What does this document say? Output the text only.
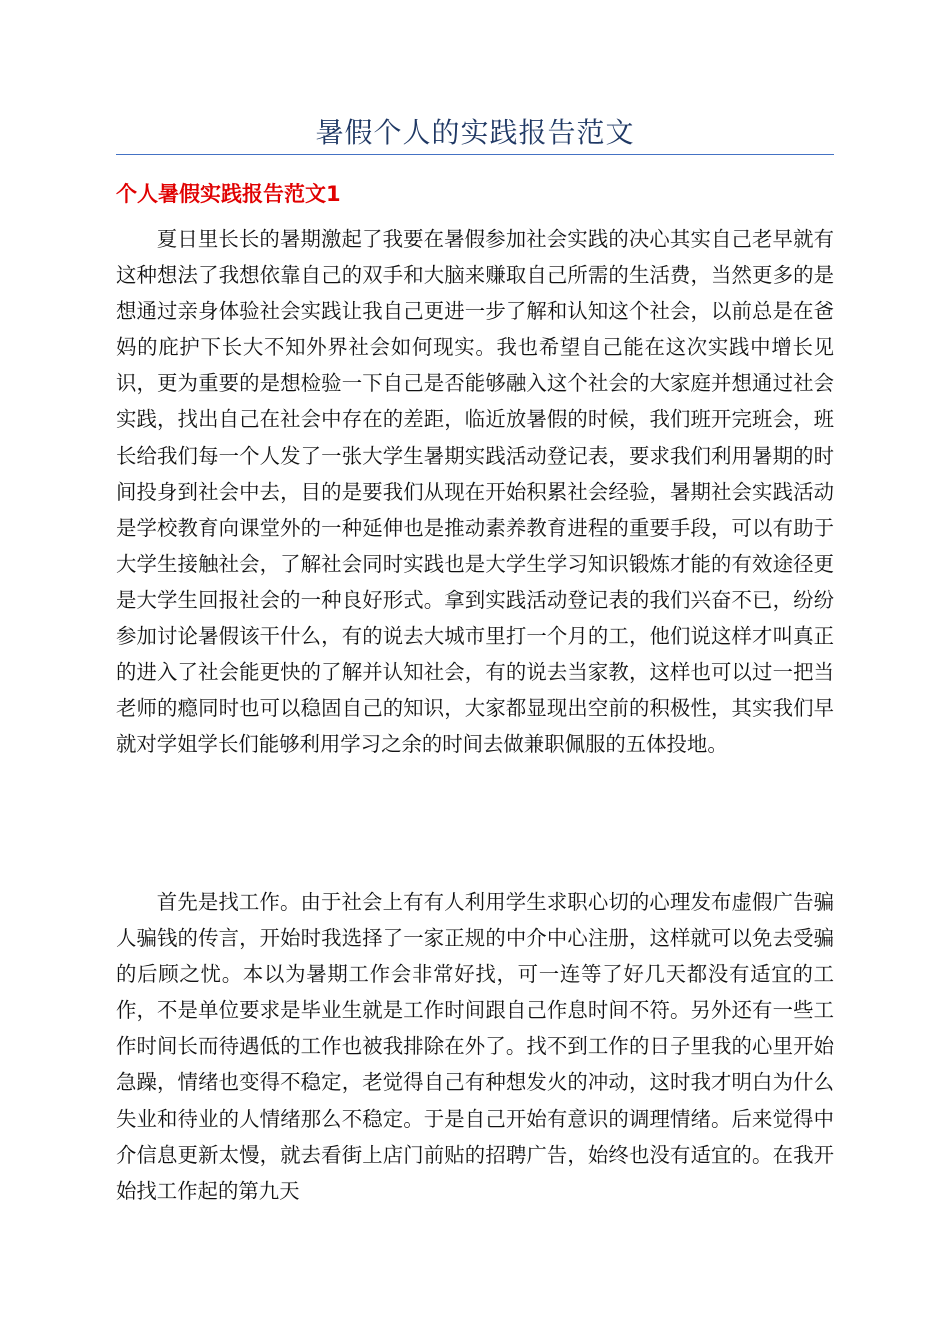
暑假个人的实践报告范文
个人暑假实践报告范文1

夏日里长长的暑期激起了我要在暑假参加社会实践的决心其实自己老早就有这种想法了我想依靠自己的双手和大脑来赚取自己所需的生活费，当然更多的是想通过亲身体验社会实践让我自己更进一步了解和认知这个社会，以前总是在爸妈的庇护下长大不知外界社会如何现实。我也希望自己能在这次实践中增长见识，更为重要的是想检验一下自己是否能够融入这个社会的大家庭并想通过社会实践，找出自己在社会中存在的差距，临近放暑假的时候，我们班开完班会，班长给我们每一个人发了一张大学生暑期实践活动登记表，要求我们利用暑期的时间投身到社会中去，目的是要我们从现在开始积累社会经验，暑期社会实践活动是学校教育向课堂外的一种延伸也是推动素养教育进程的重要手段，可以有助于大学生接触社会，了解社会同时实践也是大学生学习知识锻炼才能的有效途径更是大学生回报社会的一种良好形式。拿到实践活动登记表的我们兴奋不已，纷纷参加讨论暑假该干什么，有的说去大城市里打一个月的工，他们说这样才叫真正的进入了社会能更快的了解并认知社会，有的说去当家教，这样也可以过一把当老师的瘾同时也可以稳固自己的知识，大家都显现出空前的积极性，其实我们早就对学姐学长们能够利用学习之余的时间去做兼职佩服的五体投地。

首先是找工作。由于社会上有有人利用学生求职心切的心理发布虚假广告骗人骗钱的传言，开始时我选择了一家正规的中介中心注册，这样就可以免去受骗的后顾之忧。本以为暑期工作会非常好找，可一连等了好几天都没有适宜的工作，不是单位要求是毕业生就是工作时间跟自己作息时间不符。另外还有一些工作时间长而待遇低的工作也被我排除在外了。找不到工作的日子里我的心里开始急躁，情绪也变得不稳定，老觉得自己有种想发火的冲动，这时我才明白为什么失业和待业的人情绪那么不稳定。于是自己开始有意识的调理情绪。后来觉得中介信息更新太慢，就去看街上店门前贴的招聘广告，始终也没有适宜的。在我开始找工作起的第九天
